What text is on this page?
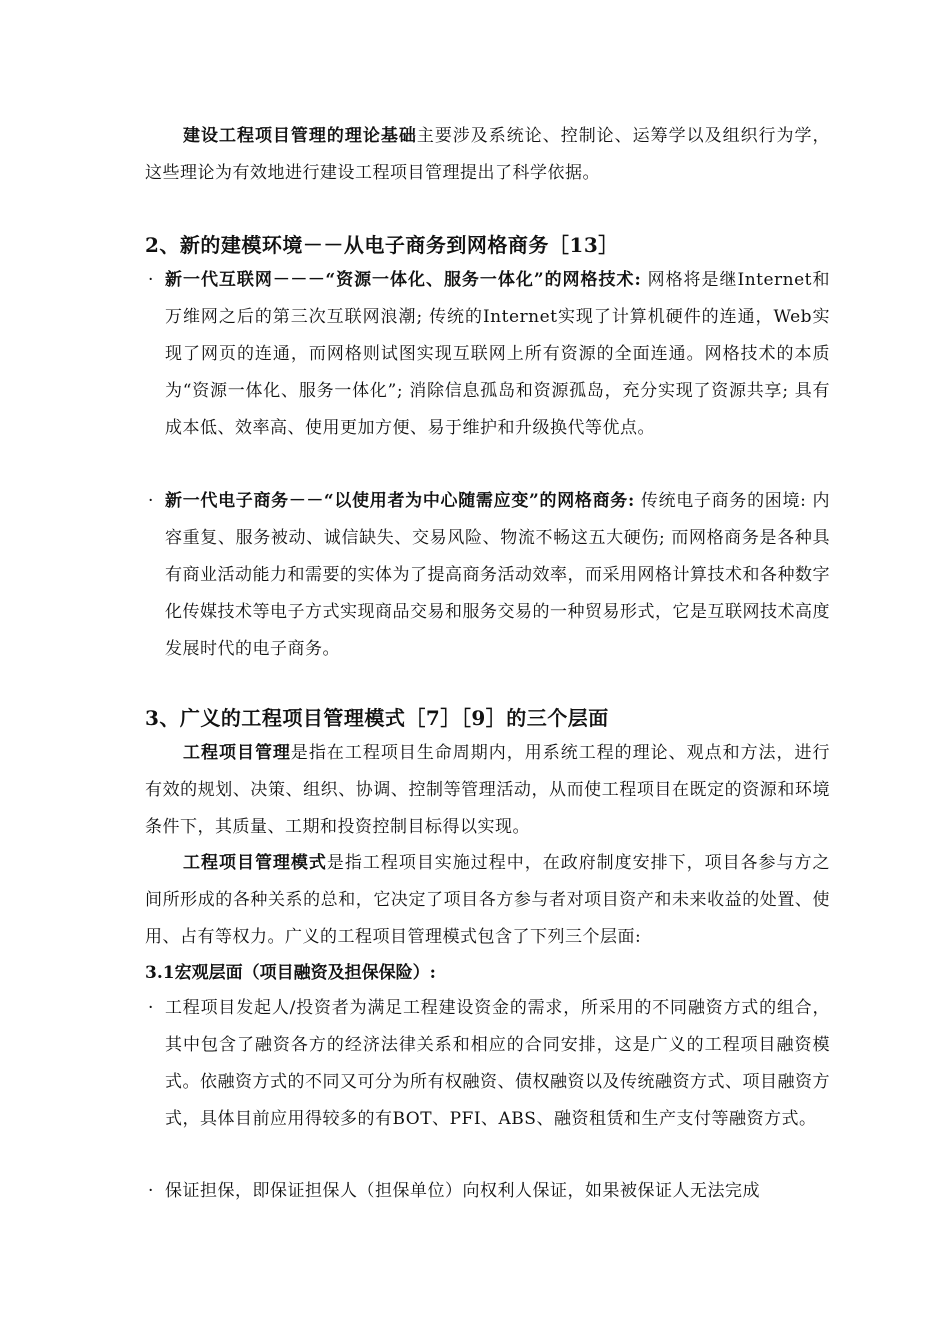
建设工程项目管理的理论基础主要涉及系统论、控制论、运筹学以及组织行为学，这些理论为有效地进行建设工程项目管理提出了科学依据。
2、新的建模环境－－从电子商务到网格商务［13］
· 新一代互联网－－－“资源一体化、服务一体化”的网格技术: 网格将是继Internet和万维网之后的第三次互联网浪潮; 传统的Internet实现了计算机硬件的连通，Web实现了网页的连通，而网格则试图实现互联网上所有资源的全面连通。网格技术的本质为“资源一体化、服务一体化”; 消除信息孤岛和资源孤岛，充分实现了资源共享; 具有成本低、效率高、使用更加方便、易于维护和升级换代等优点。
· 新一代电子商务－－“以使用者为中心随需应变”的网格商务: 传统电子商务的困境: 内容重复、服务被动、诚信缺失、交易风险、物流不畅这五大硬伤; 而网格商务是各种具有商业活动能力和需要的实体为了提高商务活动效率，而采用网格计算技术和各种数字化传媒技术等电子方式实现商品交易和服务交易的一种贸易形式，它是互联网技术高度发展时代的电子商务。
3、广义的工程项目管理模式［7］［9］的三个层面
工程项目管理是指在工程项目生命周期内，用系统工程的理论、观点和方法，进行有效的规划、决策、组织、协调、控制等管理活动，从而使工程项目在既定的资源和环境条件下，其质量、工期和投资控制目标得以实现。
工程项目管理模式是指工程项目实施过程中，在政府制度安排下，项目各参与方之间所形成的各种关系的总和，它决定了项目各方参与者对项目资产和未来收益的处置、使用、占有等权力。广义的工程项目管理模式包含了下列三个层面:
3.1宏观层面（项目融资及担保保险）:
· 工程项目发起人/投资者为满足工程建设资金的需求，所采用的不同融资方式的组合，其中包含了融资各方的经济法律关系和相应的合同安排，这是广义的工程项目融资模式。依融资方式的不同又可分为所有权融资、债权融资以及传统融资方式、项目融资方式，具体目前应用得较多的有BOT、PFI、ABS、融资租赁和生产支付等融资方式。
· 保证担保，即保证担保人（担保单位）向权利人保证，如果被保证人无法完成
